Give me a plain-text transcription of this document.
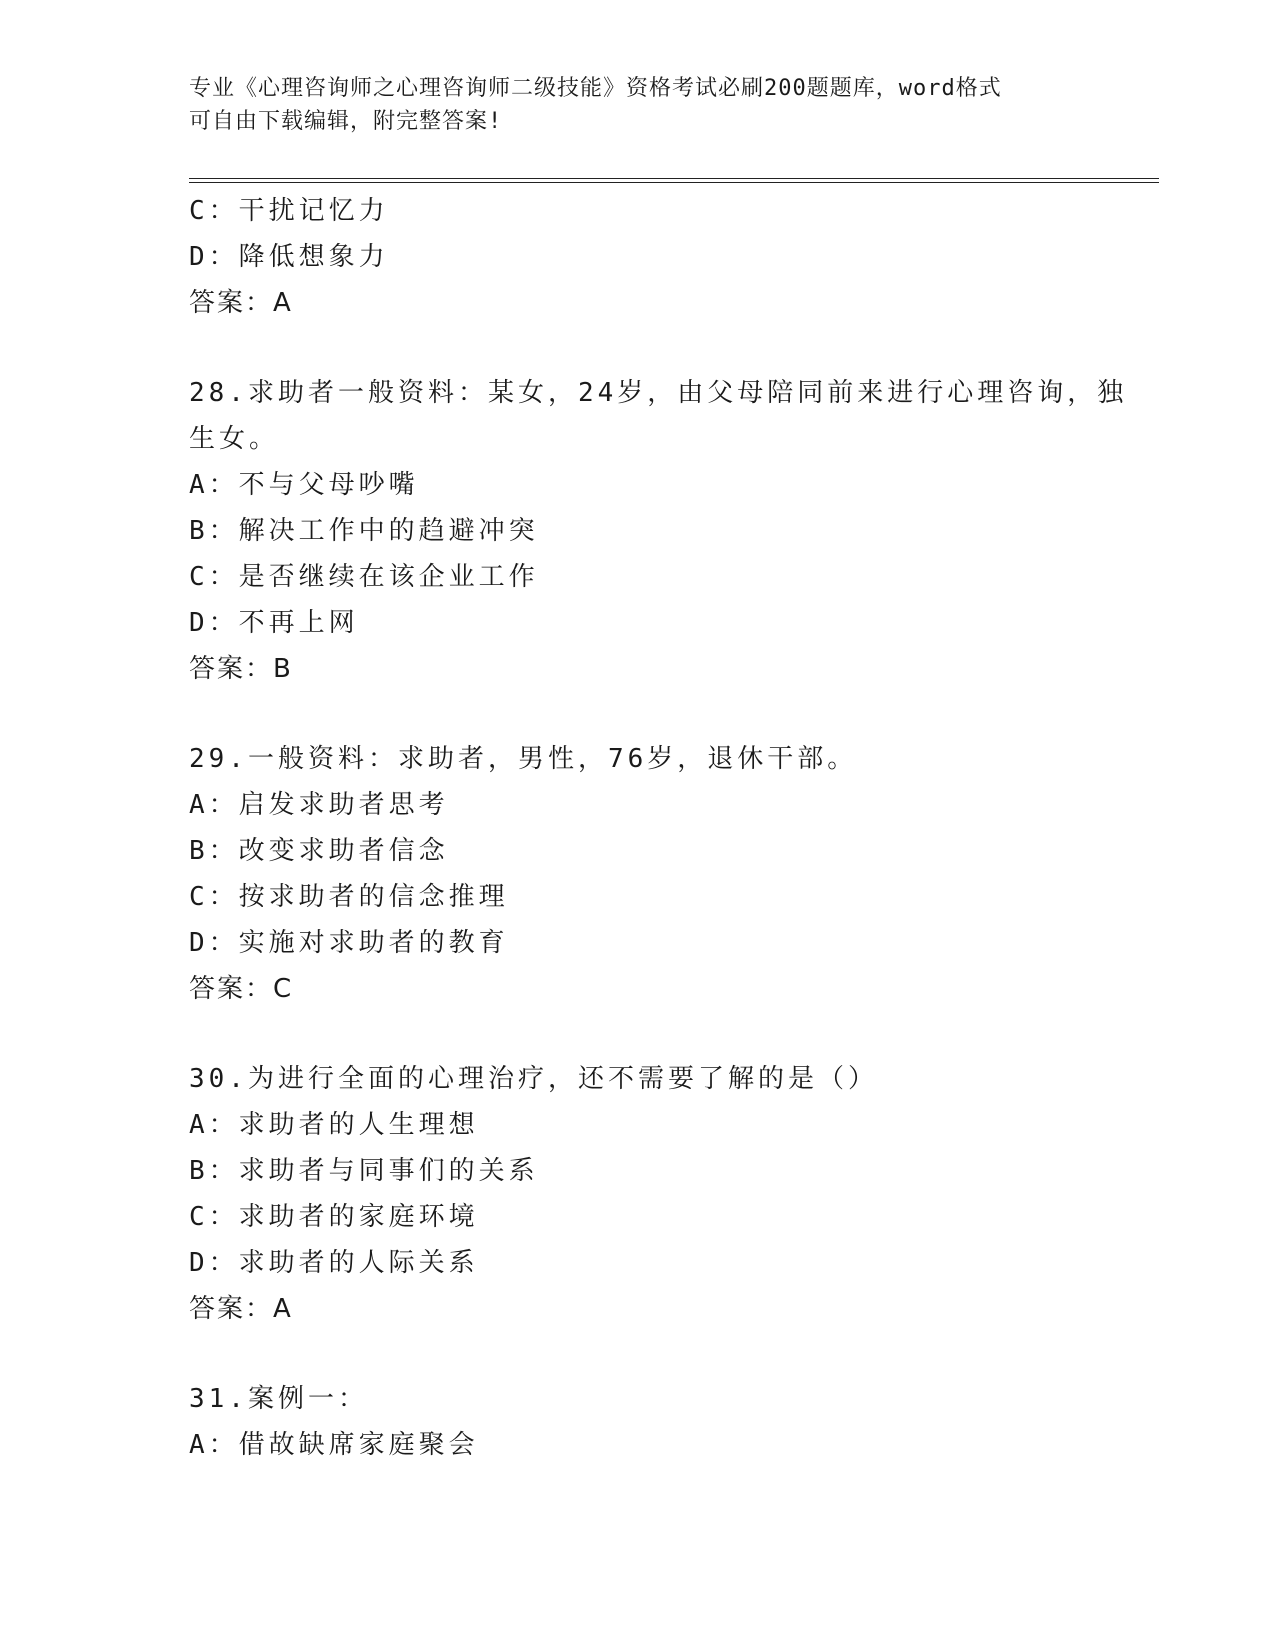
专业《心理咨询师之心理咨询师二级技能》资格考试必刷200题题库，word格式
可自由下载编辑，附完整答案!
C：干扰记忆力
D：降低想象力
答案：A
28.求助者一般资料：某女，24岁，由父母陪同前来进行心理咨询，独
生女。
A：不与父母吵嘴
B：解决工作中的趋避冲突
C：是否继续在该企业工作
D：不再上网
答案：B
29.一般资料：求助者，男性，76岁，退休干部。
A：启发求助者思考
B：改变求助者信念
C：按求助者的信念推理
D：实施对求助者的教育
答案：C
30.为进行全面的心理治疗，还不需要了解的是（）
A：求助者的人生理想
B：求助者与同事们的关系
C：求助者的家庭环境
D：求助者的人际关系
答案：A
31.案例一：
A：借故缺席家庭聚会
